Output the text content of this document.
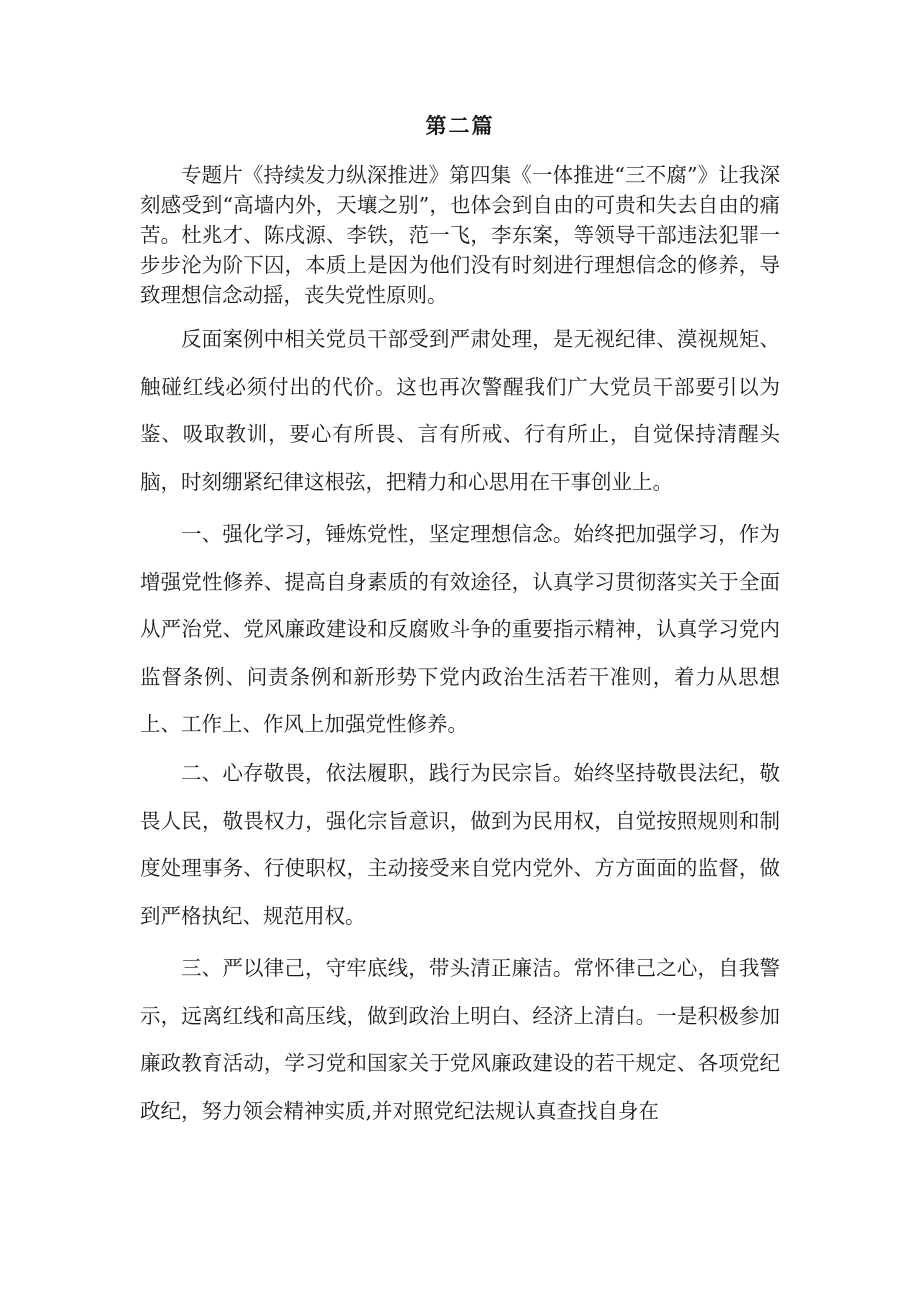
第二篇

专题片《持续发力纵深推进》第四集《一体推进“三不腐”》让我深刻感受到“高墙内外，天壤之别”，也体会到自由的可贵和失去自由的痛苦。杜兆才、陈戌源、李铁，范一飞，李东案，等领导干部违法犯罪一步步沦为阶下囚，本质上是因为他们没有时刻进行理想信念的修养，导致理想信念动摇，丧失党性原则。

反面案例中相关党员干部受到严肃处理，是无视纪律、漠视规矩、触碰红线必须付出的代价。这也再次警醒我们广大党员干部要引以为鉴、吸取教训，要心有所畏、言有所戒、行有所止，自觉保持清醒头脑，时刻绷紧纪律这根弦，把精力和心思用在干事创业上。

一、强化学习，锤炼党性，坚定理想信念。始终把加强学习，作为增强党性修养、提高自身素质的有效途径，认真学习贯彻落实关于全面从严治党、党风廉政建设和反腐败斗争的重要指示精神，认真学习党内监督条例、问责条例和新形势下党内政治生活若干准则，着力从思想上、工作上、作风上加强党性修养。

二、心存敬畏，依法履职，践行为民宗旨。始终坚持敬畏法纪，敬畏人民，敬畏权力，强化宗旨意识，做到为民用权，自觉按照规则和制度处理事务、行使职权，主动接受来自党内党外、方方面面的监督，做到严格执纪、规范用权。

三、严以律己，守牢底线，带头清正廉洁。常怀律己之心，自我警示，远离红线和高压线，做到政治上明白、经济上清白。一是积极参加廉政教育活动，学习党和国家关于党风廉政建设的若干规定、各项党纪政纪，努力领会精神实质,并对照党纪法规认真查找自身在
